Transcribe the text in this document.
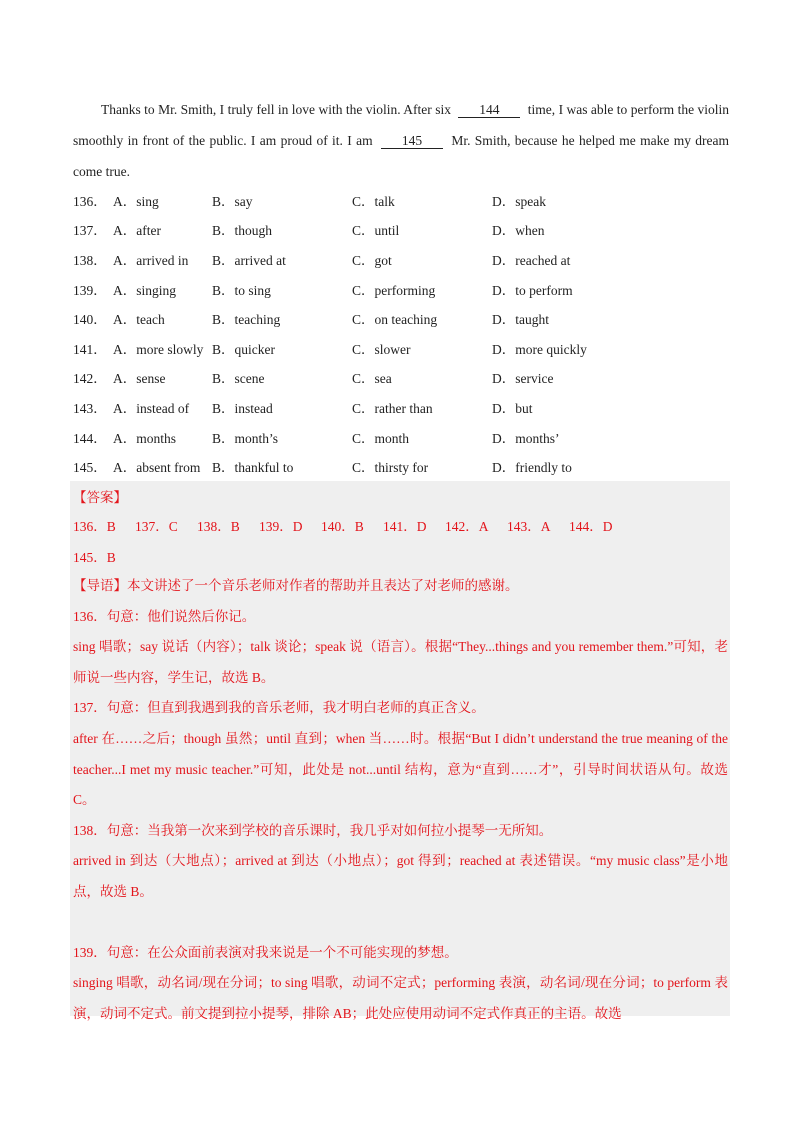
Thanks to Mr. Smith, I truly fell in love with the violin. After six 144 time, I was able to perform the violin smoothly in front of the public. I am proud of it. I am 145 Mr. Smith, because he helped me make my dream come true.
136． A．sing	B．say	C．talk	D．speak
137． A．after	B．though	C．until	D．when
138． A．arrived in	B．arrived at	C．got	D．reached at
139． A．singing	B．to sing	C．performing	D．to perform
140． A．teach	B．teaching	C．on teaching	D．taught
141． A．more slowly B．quicker	C．slower	D．more quickly
142． A．sense	B．scene	C．sea	D．service
143． A．instead of	B．instead	C．rather than	D．but
144． A．months	B．month’s	C．month	D．months’
145． A．absent from B．thankful to	C．thirsty for	D．friendly to
【答案】
136．B	137．C	138．B	139．D	140．B	141．D	142．A	143．A	144．D
145．B

【导语】本文讲述了一个音乐老师对作者的帮助并且表达了对老师的感谢。

136．句意：他们说然后你记。

sing 唱歌；say 说话（内容）；talk 谈论；speak 说（语言）。根据“They...things and you remember them.”可知，老师说一些内容，学生记，故选 B。

137．句意：但直到我遇到我的音乐老师，我才明白老师的真正含义。

after 在……之后；though 虽然；until 直到；when 当……时。根据“But I didn’t understand the true meaning of the teacher...I met my music teacher.”可知，此处是 not...until 结构，意为“直到……才”，引导时间状语从句。故选 C。

138．句意：当我第一次来到学校的音乐课时，我几乎对如何拉小提琴一无所知。

arrived in 到达（大地点）；arrived at 到达（小地点）；got 得到；reached at 表述错误。“my music class”是小地点，故选 B。

139．句意：在公众面前表演对我来说是一个不可能实现的梦想。

singing 唱歌，动名词/现在分词；to sing 唱歌，动词不定式；performing 表演，动名词/现在分词；to perform 表演，动词不定式。前文提到拉小提琴，排除 AB；此处应使用动词不定式作真正的主语。故选
